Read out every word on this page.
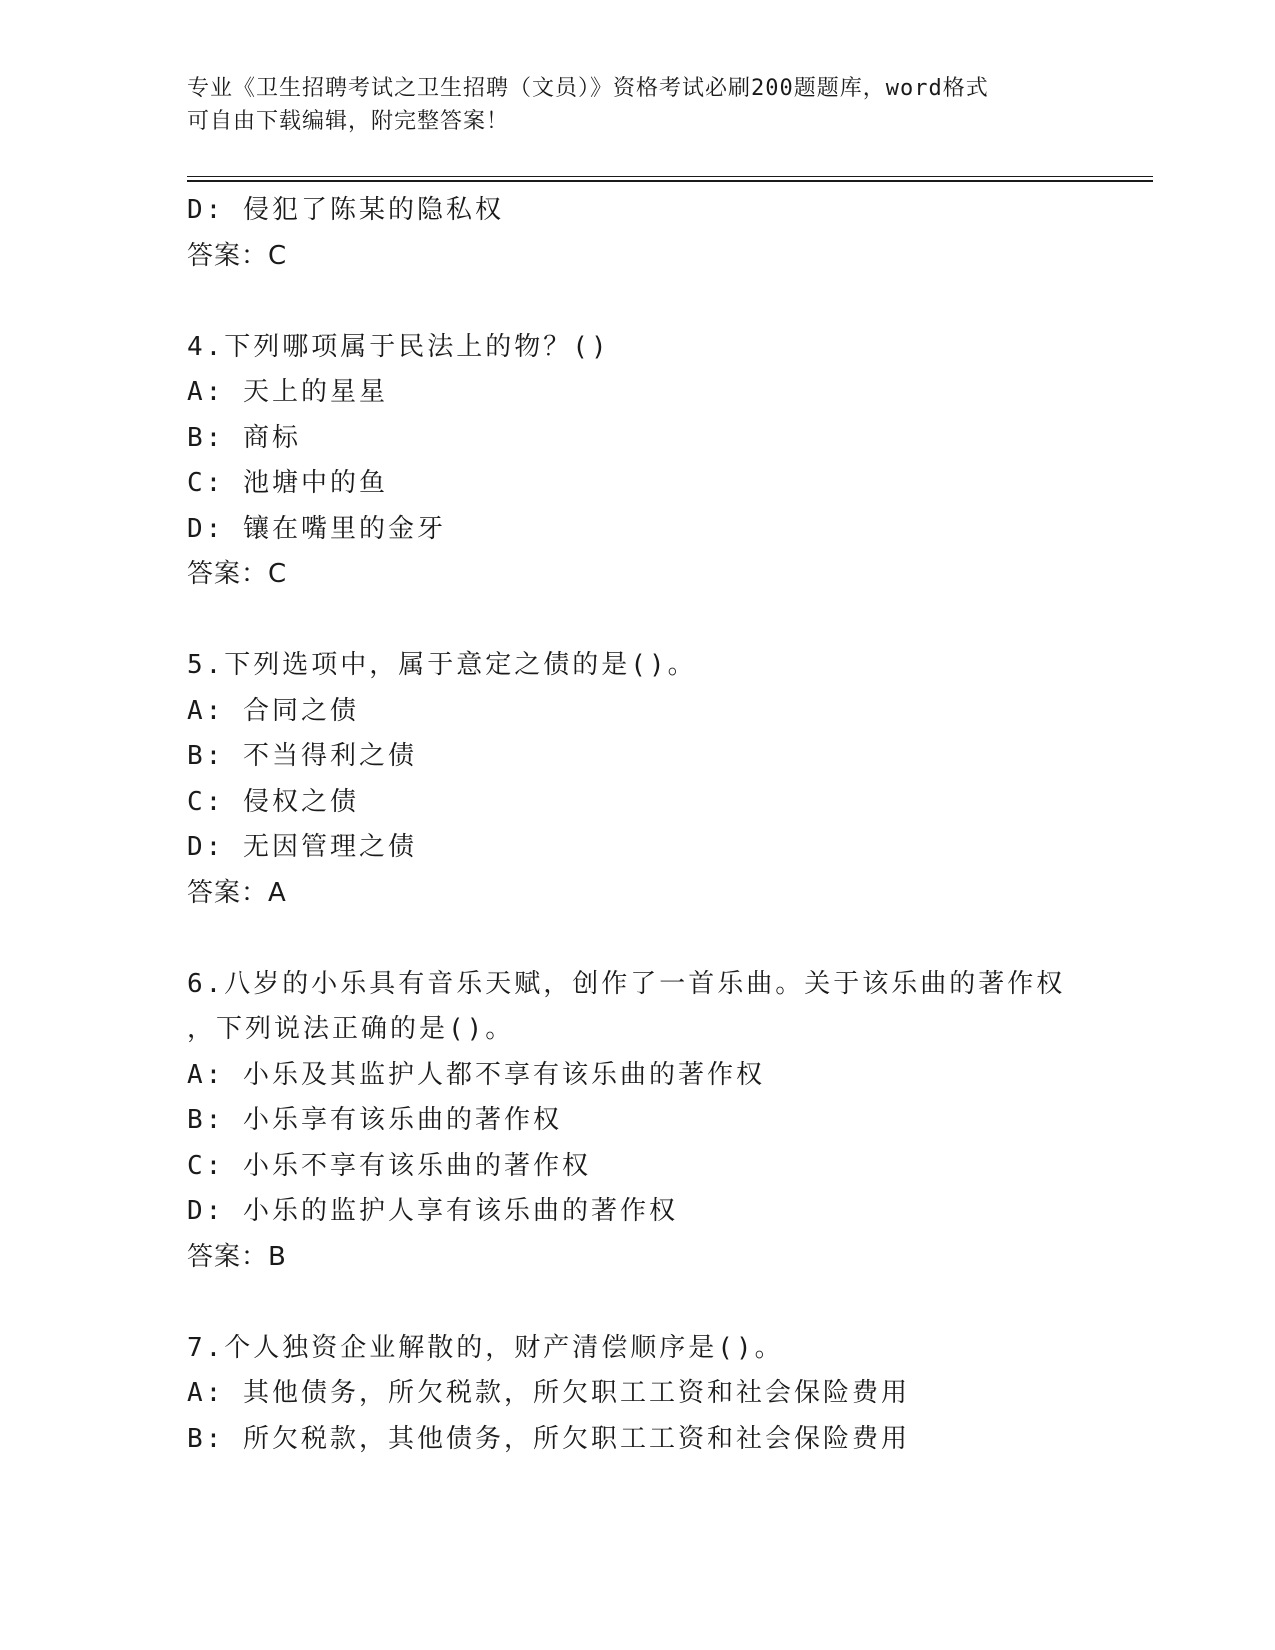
专业《卫生招聘考试之卫生招聘（文员）》资格考试必刷200题题库，word格式
可自由下载编辑，附完整答案！
D: 侵犯了陈某的隐私权
答案：C
4.下列哪项属于民法上的物？()
A: 天上的星星
B: 商标
C: 池塘中的鱼
D: 镶在嘴里的金牙
答案：C
5.下列选项中，属于意定之债的是()。
A: 合同之债
B: 不当得利之债
C: 侵权之债
D: 无因管理之债
答案：A
6.八岁的小乐具有音乐天赋，创作了一首乐曲。关于该乐曲的著作权
，下列说法正确的是()。
A: 小乐及其监护人都不享有该乐曲的著作权
B: 小乐享有该乐曲的著作权
C: 小乐不享有该乐曲的著作权
D: 小乐的监护人享有该乐曲的著作权
答案：B
7.个人独资企业解散的，财产清偿顺序是()。
A: 其他债务，所欠税款，所欠职工工资和社会保险费用
B: 所欠税款，其他债务，所欠职工工资和社会保险费用
